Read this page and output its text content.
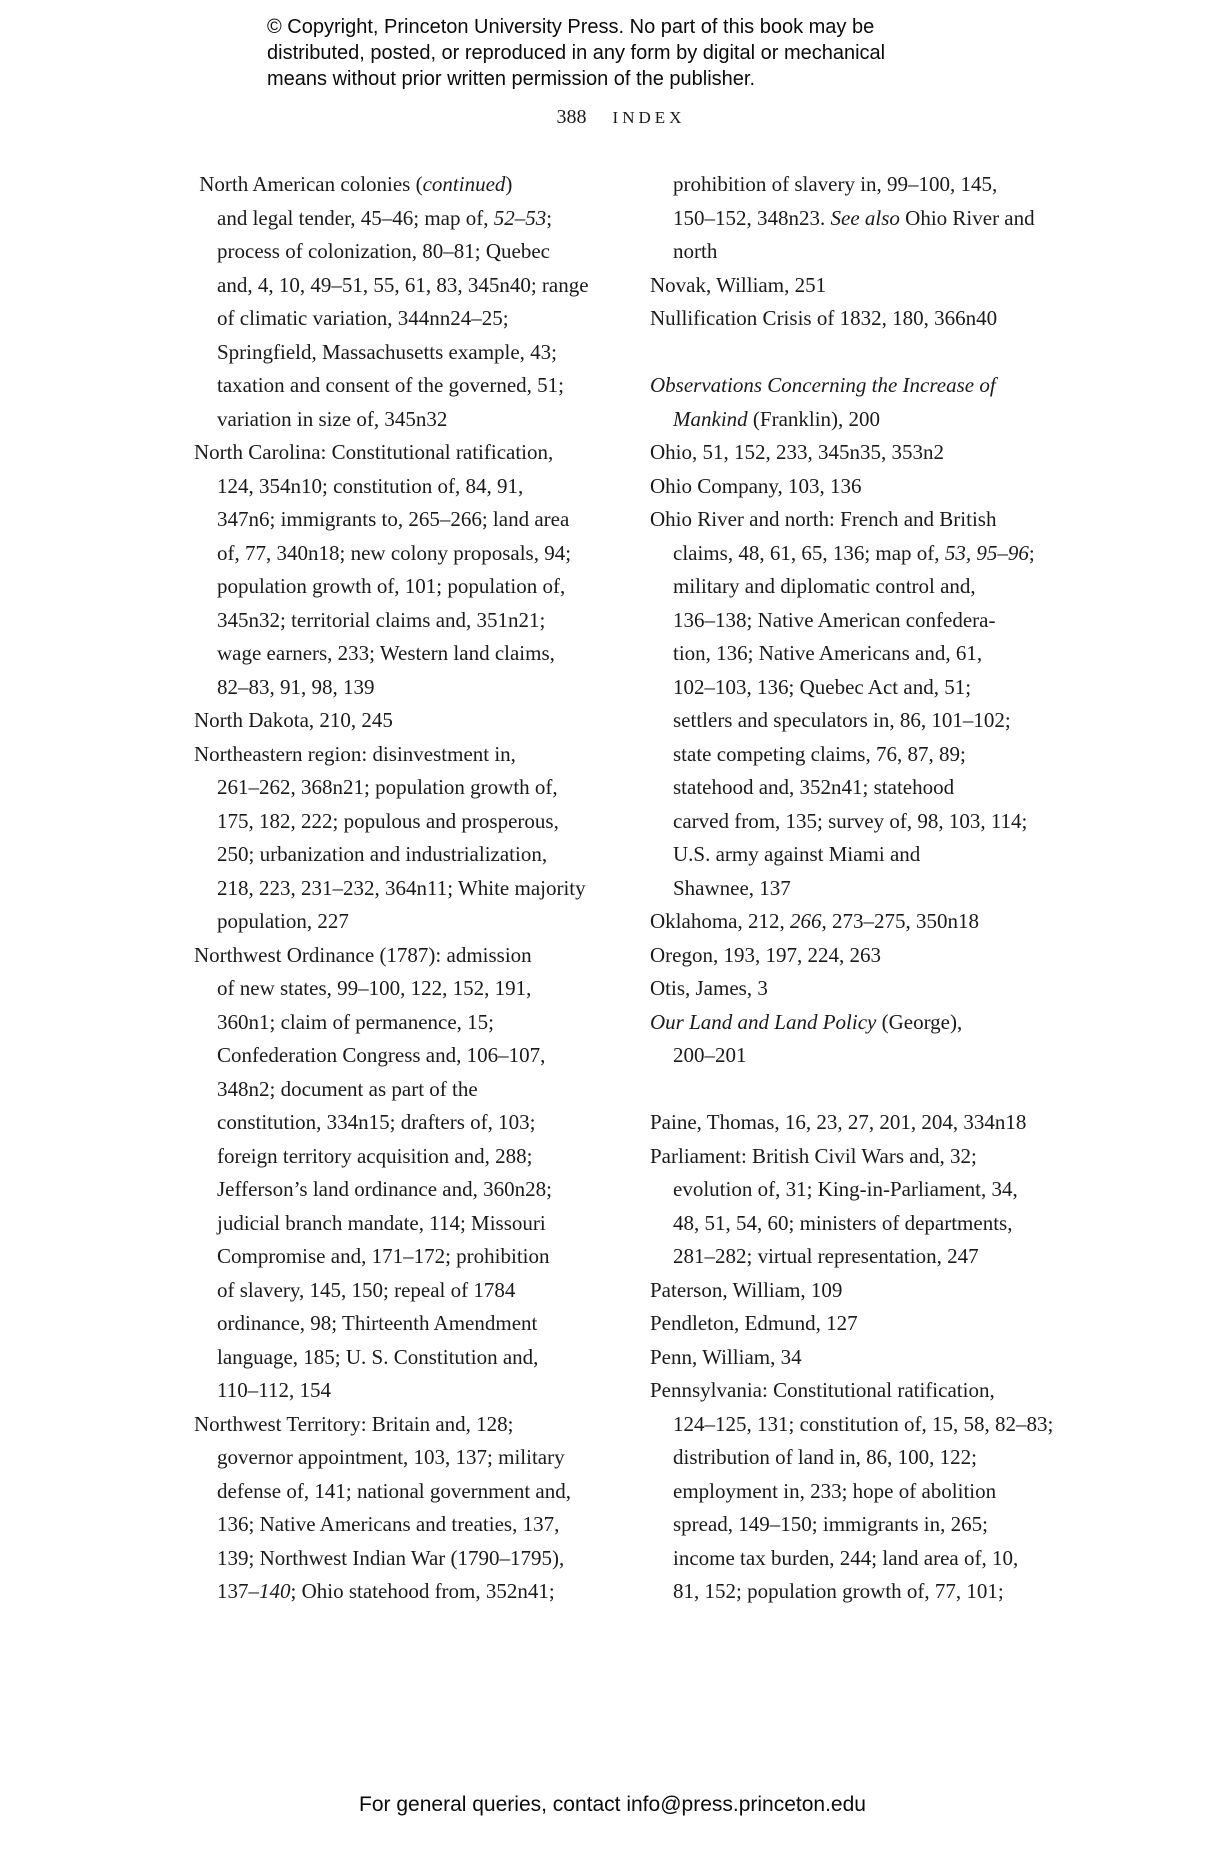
© Copyright, Princeton University Press. No part of this book may be
distributed, posted, or reproduced in any form by digital or mechanical
means without prior written permission of the publisher.
388 INDEX
North American colonies (continued)
and legal tender, 45–46; map of, 52–53;
process of colonization, 80–81; Quebec
and, 4, 10, 49–51, 55, 61, 83, 345n40; range
of climatic variation, 344nn24–25;
Springfield, Massachusetts example, 43;
taxation and consent of the governed, 51;
variation in size of, 345n32
North Carolina: Constitutional ratification,
124, 354n10; constitution of, 84, 91,
347n6; immigrants to, 265–266; land area
of, 77, 340n18; new colony proposals, 94;
population growth of, 101; population of,
345n32; territorial claims and, 351n21;
wage earners, 233; Western land claims,
82–83, 91, 98, 139
North Dakota, 210, 245
Northeastern region: disinvestment in,
261–262, 368n21; population growth of,
175, 182, 222; populous and prosperous,
250; urbanization and industrialization,
218, 223, 231–232, 364n11; White majority
population, 227
Northwest Ordinance (1787): admission
of new states, 99–100, 122, 152, 191,
360n1; claim of permanence, 15;
Confederation Congress and, 106–107,
348n2; document as part of the
constitution, 334n15; drafters of, 103;
foreign territory acquisition and, 288;
Jefferson’s land ordinance and, 360n28;
judicial branch mandate, 114; Missouri
Compromise and, 171–172; prohibition
of slavery, 145, 150; repeal of 1784
ordinance, 98; Thirteenth Amendment
language, 185; U. S. Constitution and,
110–112, 154
Northwest Territory: Britain and, 128;
governor appointment, 103, 137; military
defense of, 141; national government and,
136; Native Americans and treaties, 137,
139; Northwest Indian War (1790–1795),
137–140; Ohio statehood from, 352n41;
prohibition of slavery in, 99–100, 145,
150–152, 348n23. See also Ohio River and
north
Novak, William, 251
Nullification Crisis of 1832, 180, 366n40
Observations Concerning the Increase of
Mankind (Franklin), 200
Ohio, 51, 152, 233, 345n35, 353n2
Ohio Company, 103, 136
Ohio River and north: French and British
claims, 48, 61, 65, 136; map of, 53, 95–96;
military and diplomatic control and,
136–138; Native American confedera-
tion, 136; Native Americans and, 61,
102–103, 136; Quebec Act and, 51;
settlers and speculators in, 86, 101–102;
state competing claims, 76, 87, 89;
statehood and, 352n41; statehood
carved from, 135; survey of, 98, 103, 114;
U.S. army against Miami and
Shawnee, 137
Oklahoma, 212, 266, 273–275, 350n18
Oregon, 193, 197, 224, 263
Otis, James, 3
Our Land and Land Policy (George),
200–201
Paine, Thomas, 16, 23, 27, 201, 204, 334n18
Parliament: British Civil Wars and, 32;
evolution of, 31; King-in-Parliament, 34,
48, 51, 54, 60; ministers of departments,
281–282; virtual representation, 247
Paterson, William, 109
Pendleton, Edmund, 127
Penn, William, 34
Pennsylvania: Constitutional ratification,
124–125, 131; constitution of, 15, 58, 82–83;
distribution of land in, 86, 100, 122;
employment in, 233; hope of abolition
spread, 149–150; immigrants in, 265;
income tax burden, 244; land area of, 10,
81, 152; population growth of, 77, 101;
For general queries, contact info@press.princeton.edu
